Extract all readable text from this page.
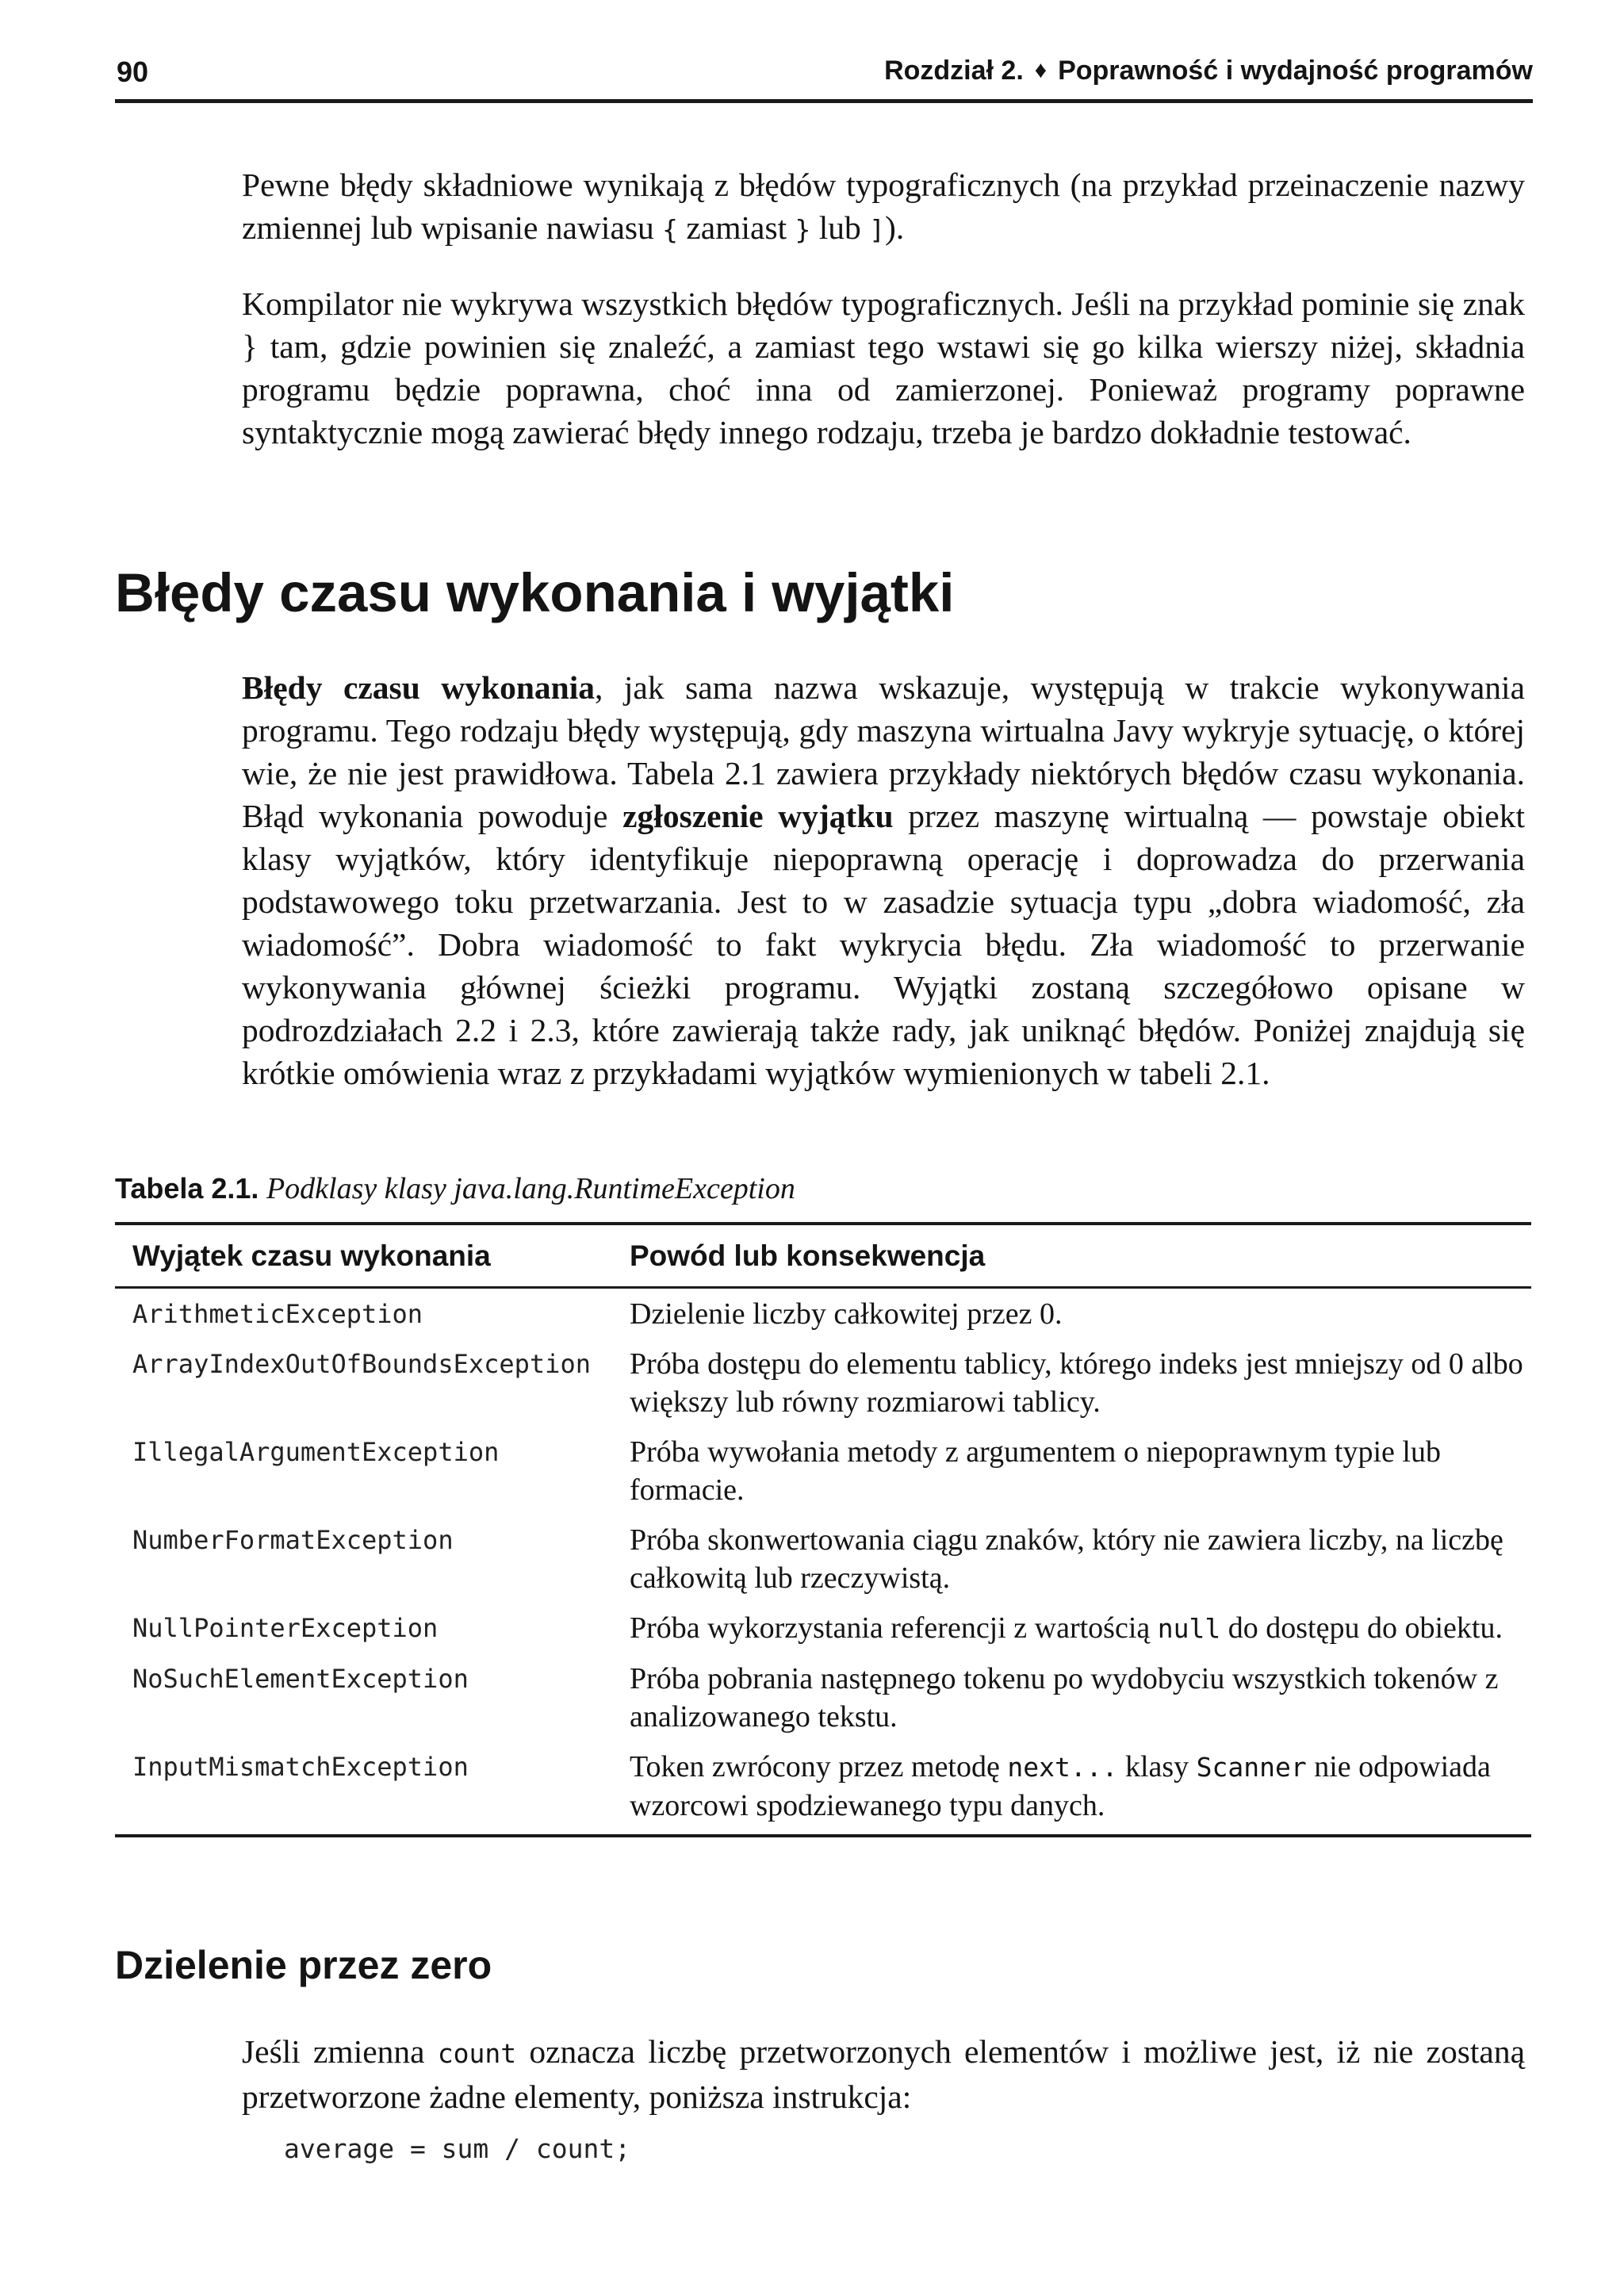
90	Rozdział 2. ♦ Poprawność i wydajność programów

Pewne błędy składniowe wynikają z błędów typograficznych (na przykład przeinaczenie nazwy zmiennej lub wpisanie nawiasu { zamiast } lub ]).

Kompilator nie wykrywa wszystkich błędów typograficznych. Jeśli na przykład pominie się znak } tam, gdzie powinien się znaleźć, a zamiast tego wstawi się go kilka wierszy niżej, składnia programu będzie poprawna, choć inna od zamierzonej. Ponieważ programy poprawne syntaktycznie mogą zawierać błędy innego rodzaju, trzeba je bardzo dokładnie testować.

Błędy czasu wykonania i wyjątki

Błędy czasu wykonania, jak sama nazwa wskazuje, występują w trakcie wykonywania programu. Tego rodzaju błędy występują, gdy maszyna wirtualna Javy wykryje sytuację, o której wie, że nie jest prawidłowa. Tabela 2.1 zawiera przykłady niektórych błędów czasu wykonania. Błąd wykonania powoduje zgłoszenie wyjątku przez maszynę wirtualną — powstaje obiekt klasy wyjątków, który identyfikuje niepoprawną operację i doprowadza do przerwania podstawowego toku przetwarzania. Jest to w zasadzie sytuacja typu „dobra wiadomość, zła wiadomość”. Dobra wiadomość to fakt wykrycia błędu. Zła wiadomość to przerwanie wykonywania głównej ścieżki programu. Wyjątki zostaną szczegółowo opisane w podrozdziałach 2.2 i 2.3, które zawierają także rady, jak uniknąć błędów. Poniżej znajdują się krótkie omówienia wraz z przykładami wyjątków wymienionych w tabeli 2.1.

Tabela 2.1. Podklasy klasy java.lang.RuntimeException
Wyjątek czasu wykonania	Powód lub konsekwencja
ArithmeticException	Dzielenie liczby całkowitej przez 0.
ArrayIndexOutOfBoundsException	Próba dostępu do elementu tablicy, którego indeks jest mniejszy od 0 albo większy lub równy rozmiarowi tablicy.
IllegalArgumentException	Próba wywołania metody z argumentem o niepoprawnym typie lub formacie.
NumberFormatException	Próba skonwertowania ciągu znaków, który nie zawiera liczby, na liczbę całkowitą lub rzeczywistą.
NullPointerException	Próba wykorzystania referencji z wartością null do dostępu do obiektu.
NoSuchElementException	Próba pobrania następnego tokenu po wydobyciu wszystkich tokenów z analizowanego tekstu.
InputMismatchException	Token zwrócony przez metodę next... klasy Scanner nie odpowiada wzorcowi spodziewanego typu danych.
Dzielenie przez zero

Jeśli zmienna count oznacza liczbę przetworzonych elementów i możliwe jest, iż nie zostaną przetworzone żadne elementy, poniższa instrukcja:

average = sum / count;
